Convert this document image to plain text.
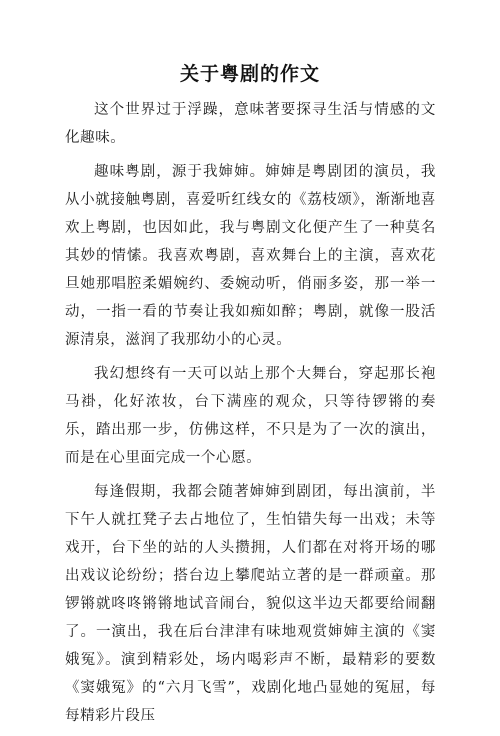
关于粤剧的作文

这个世界过于浮躁，意味著要探寻生活与情感的文化趣味。

趣味粤剧，源于我婶婶。婶婶是粤剧团的演员，我从小就接触粤剧，喜爱听红线女的《荔枝颂》，渐渐地喜欢上粤剧，也因如此，我与粤剧文化便产生了一种莫名其妙的情愫。我喜欢粤剧，喜欢舞台上的主演，喜欢花旦她那唱腔柔媚婉约、委婉动听，俏丽多姿，那一举一动，一指一看的节奏让我如痴如醉；粤剧，就像一股活源清泉，滋润了我那幼小的心灵。

我幻想终有一天可以站上那个大舞台，穿起那长袍马褂，化好浓妆，台下满座的观众，只等待锣锵的奏乐，踏出那一步，仿佛这样，不只是为了一次的演出，而是在心里面完成一个心愿。

每逢假期，我都会随著婶婶到剧团，每出演前，半下午人就扛凳子去占地位了，生怕错失每一出戏；未等戏开，台下坐的站的人头攒拥，人们都在对将开场的哪出戏议论纷纷；搭台边上攀爬站立著的是一群顽童。那锣锵就咚咚锵锵地试音闹台，貌似这半边天都要给闹翻了。一演出，我在后台津津有味地观赏婶婶主演的《窦娥冤》。演到精彩处，场内喝彩声不断，最精彩的要数《窦娥冤》的“六月飞雪”，戏剧化地凸显她的冤屈，每每精彩片段压
